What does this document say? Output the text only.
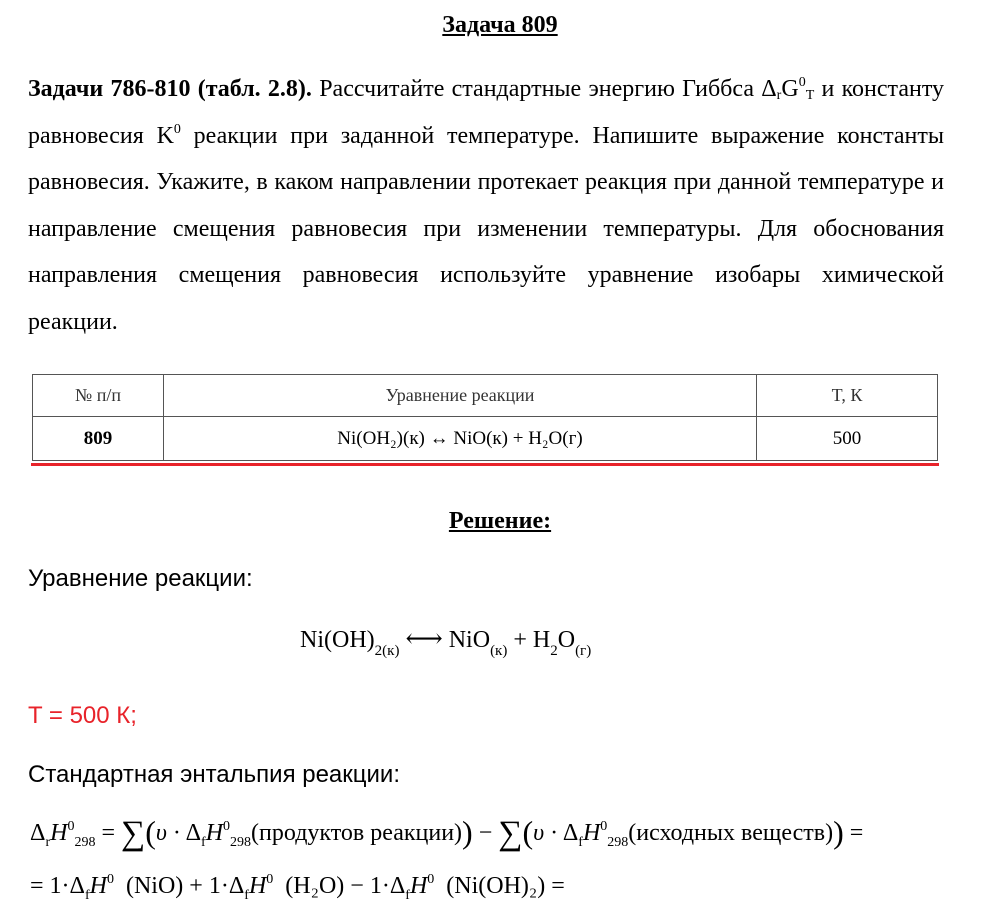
Задача 809
Задачи 786-810 (табл. 2.8). Рассчитайте стандартные энергию Гиббса $\Delta_rG^0_T$ и константу равновесия $K^0$ реакции при заданной температуре. Напишите выражение константы равновесия. Укажите, в каком направлении протекает реакция при данной температуре и направление смещения равновесия при изменении температуры. Для обоснования направления смещения равновесия используйте уравнение изобары химической реакции.
№ п/п	Уравнение реакции	T, К
809	Ni(OH₂)(к) ↔ NiO(к) + H₂O(г)	500
Решение:
Уравнение реакции:
$Ni(OH)_{2(к)}$ ⟷ $NiO_{(к)} + H_2O_{(г)}$
T = 500 К;
Стандартная энтальпия реакции:
$\Delta_rH^0_{298} = \sum(\upsilon$ · $\Delta_fH^0_{298}(продуктов$ реакции)) − $\sum(\upsilon \cdot \Delta_fH^0_{298}(исходных$ веществ)) =
= $1\cdot\Delta_fH^0$  $(NiO) + 1\cdot\Delta_fH^0$  $(H_2O) - 1\cdot\Delta_fH^0$  (Ni(OH)₂) =
